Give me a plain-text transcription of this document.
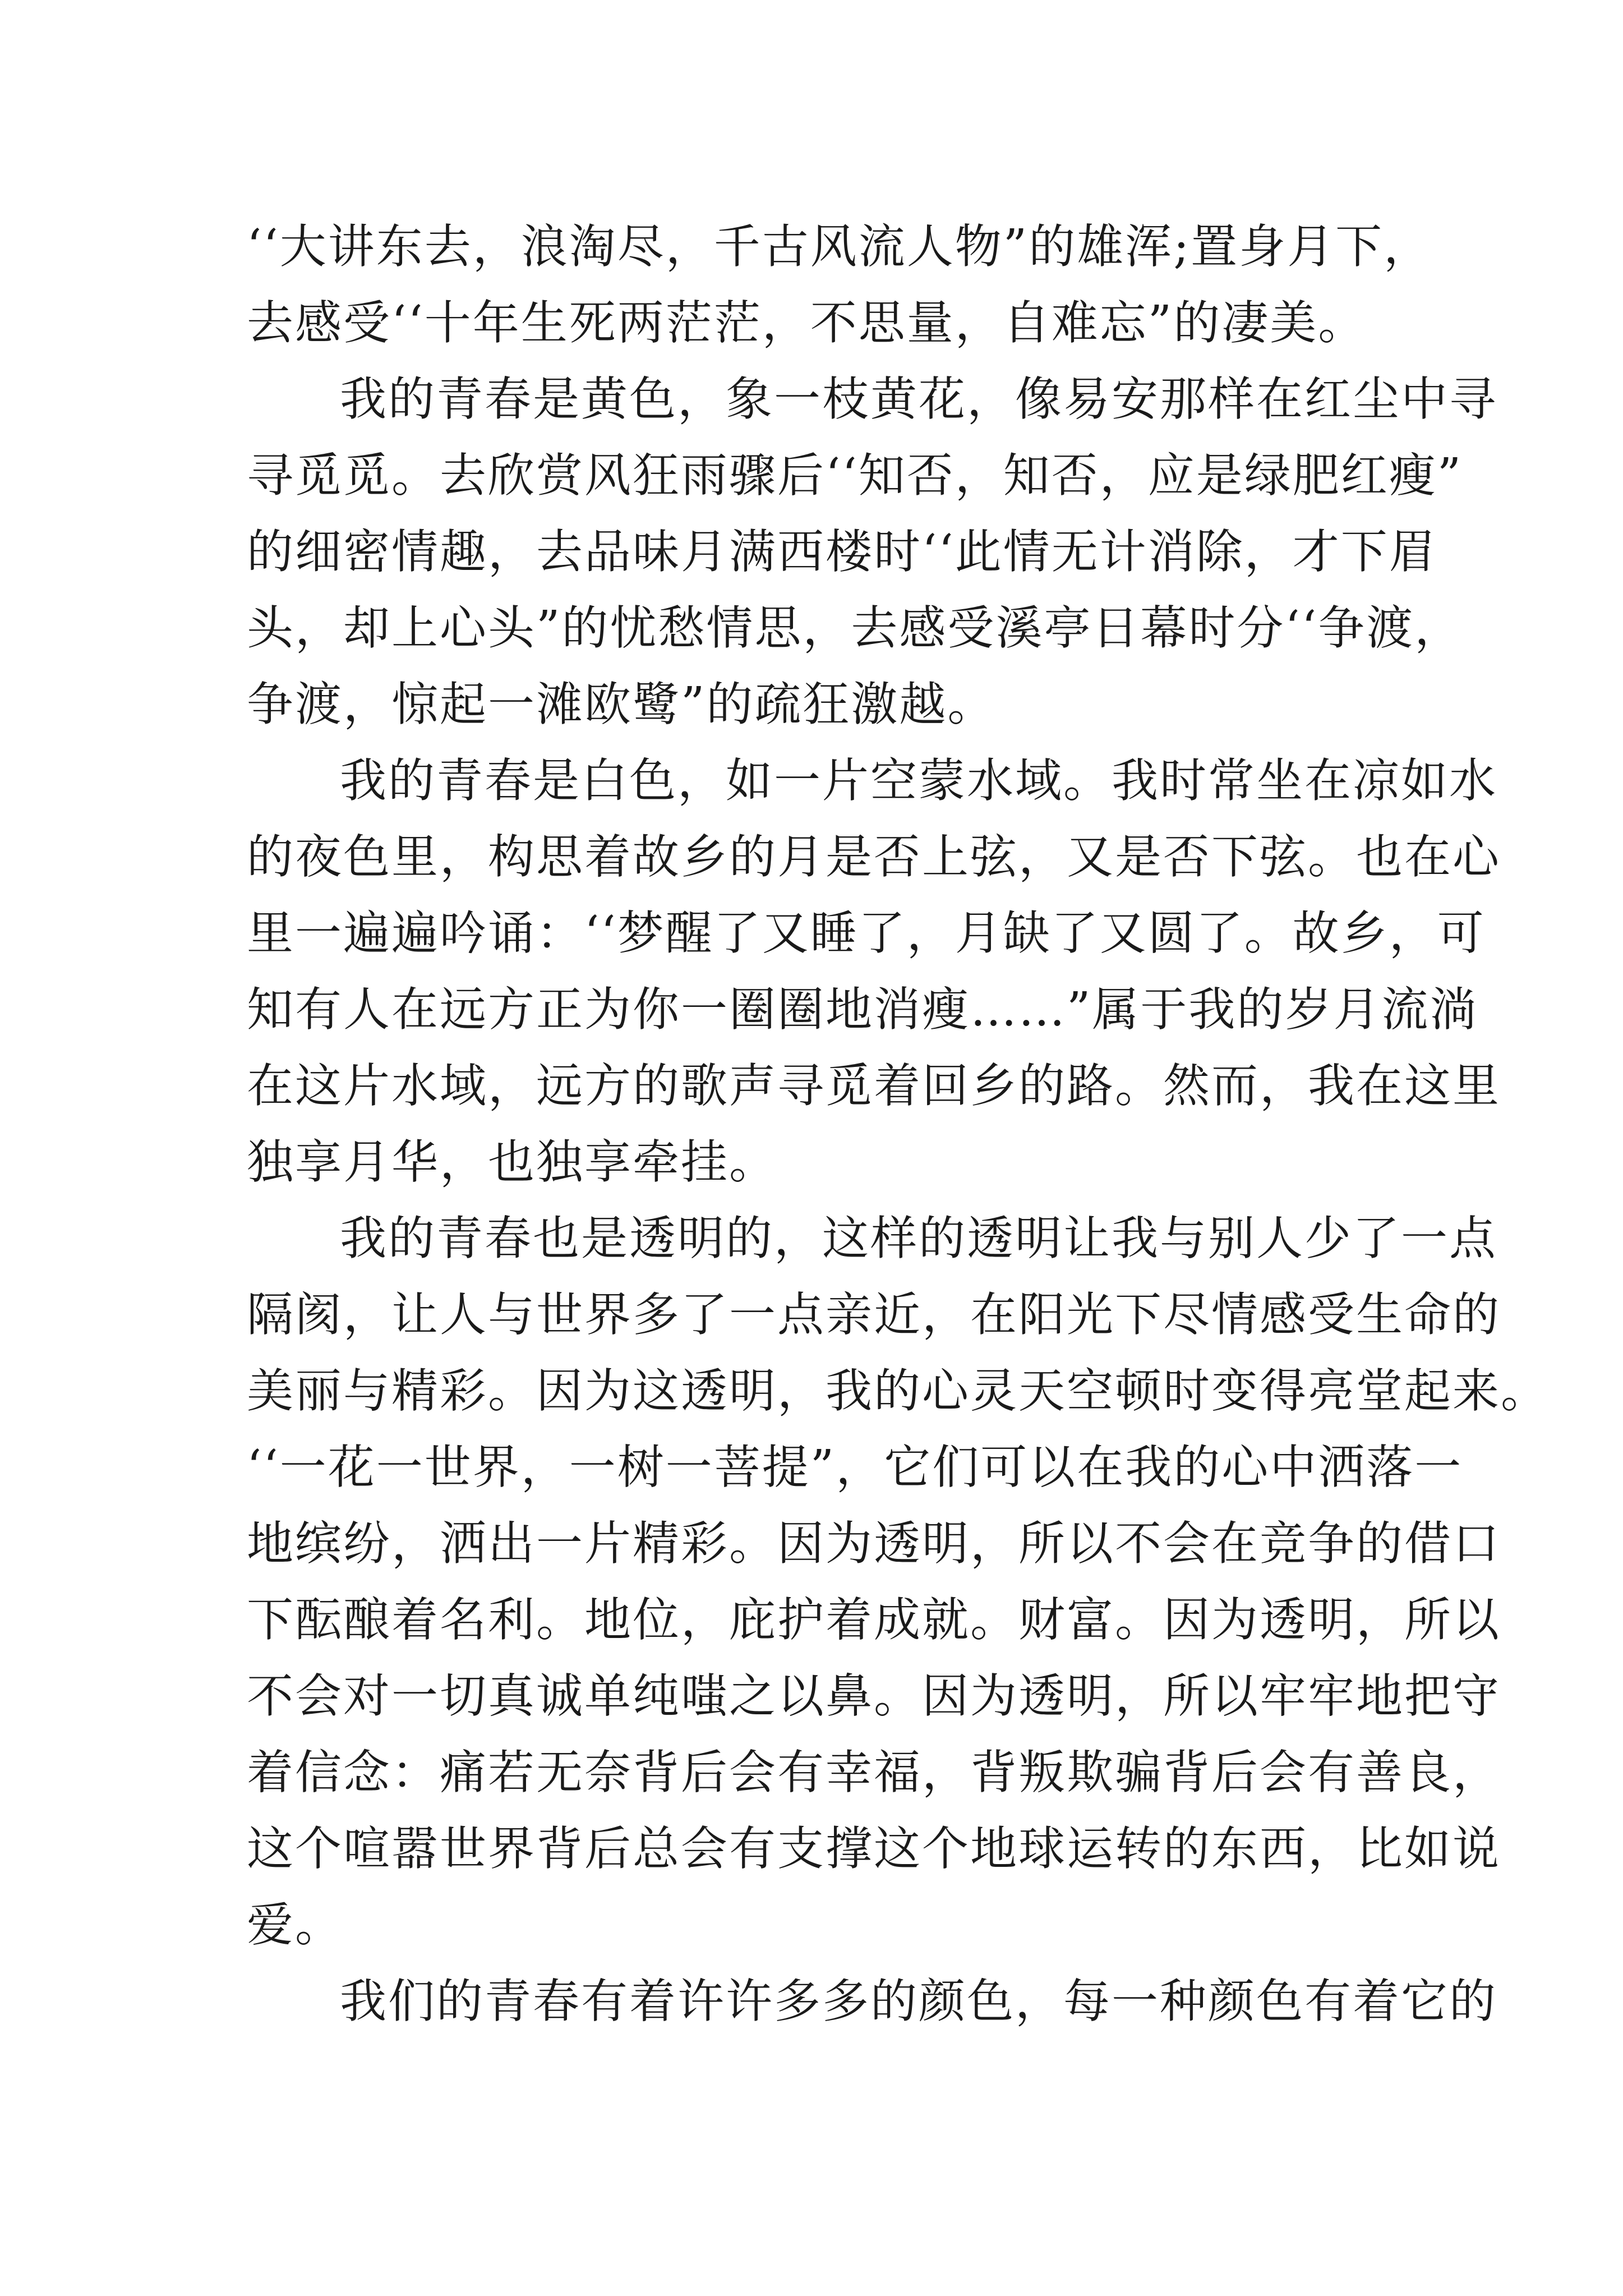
‘‘大讲东去，浪淘尽，千古风流人物”的雄浑;置身月下，

去感受‘‘十年生死两茫茫，不思量，自难忘”的凄美。

我的青春是黄色，象一枝黄花，像易安那样在红尘中寻

寻觅觅。去欣赏风狂雨骤后‘‘知否，知否，应是绿肥红瘦”

的细密情趣，去品味月满西楼时‘‘此情无计消除，才下眉

头，却上心头”的忧愁情思，去感受溪亭日幕时分‘‘争渡，

争渡，惊起一滩欧鹭”的疏狂激越。

我的青春是白色，如一片空蒙水域。我时常坐在凉如水

的夜色里，构思着故乡的月是否上弦，又是否下弦。也在心

里一遍遍吟诵：‘‘梦醒了又睡了，月缺了又圆了。故乡，可

知有人在远方正为你一圈圈地消瘦……”属于我的岁月流淌

在这片水域，远方的歌声寻觅着回乡的路。然而，我在这里

独享月华，也独享牵挂。

我的青春也是透明的，这样的透明让我与别人少了一点

隔阂，让人与世界多了一点亲近，在阳光下尽情感受生命的

美丽与精彩。因为这透明，我的心灵天空顿时变得亮堂起来。

‘‘一花一世界，一树一菩提”，它们可以在我的心中洒落一

地缤纷，洒出一片精彩。因为透明，所以不会在竞争的借口

下酝酿着名利。地位，庇护着成就。财富。因为透明，所以

不会对一切真诚单纯嗤之以鼻。因为透明，所以牢牢地把守

着信念：痛若无奈背后会有幸福，背叛欺骗背后会有善良，

这个喧嚣世界背后总会有支撑这个地球运转的东西，比如说

爱。

我们的青春有着许许多多的颜色，每一种颜色有着它的
